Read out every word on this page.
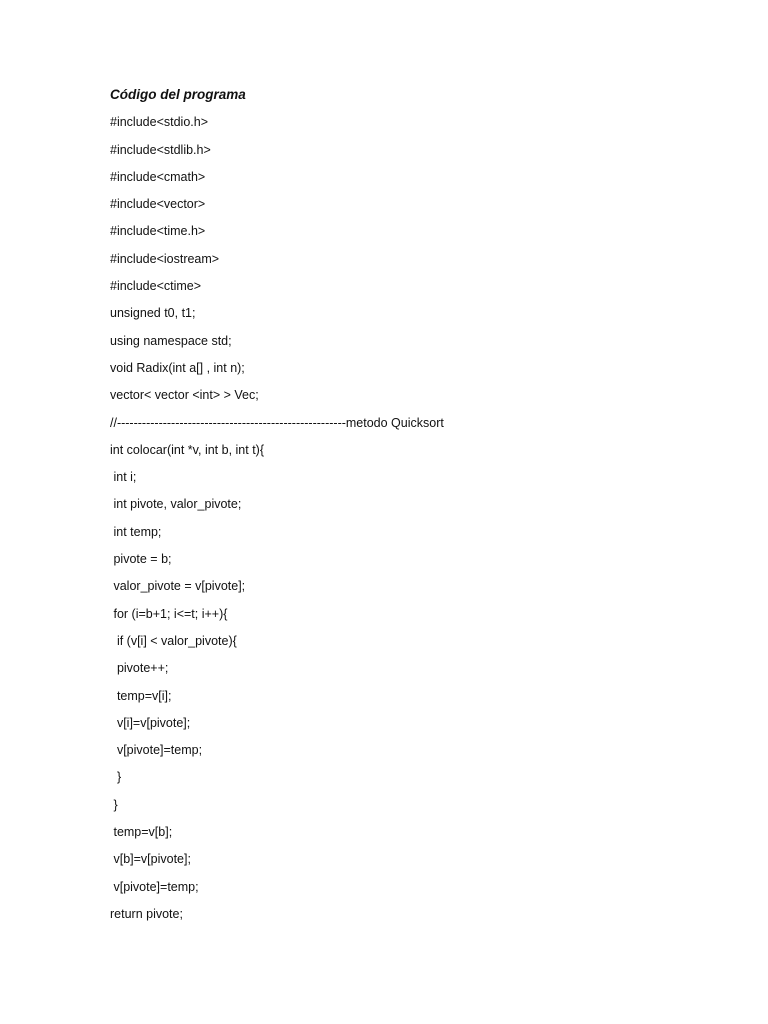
Código del programa

#include<stdio.h>

#include<stdlib.h>

#include<cmath>

#include<vector>

#include<time.h>

#include<iostream>

#include<ctime>

unsigned t0, t1;

using namespace std;

void Radix(int a[] , int n);

vector< vector <int> > Vec;

//-------------------------------------------------------metodo Quicksort

int colocar(int *v, int b, int t){

int i;

int pivote, valor_pivote;

int temp;

pivote = b;

valor_pivote = v[pivote];

for (i=b+1; i<=t; i++){

if (v[i] < valor_pivote){

pivote++;

temp=v[i];

v[i]=v[pivote];

v[pivote]=temp;

}

}

temp=v[b];

v[b]=v[pivote];

v[pivote]=temp;

return pivote;
